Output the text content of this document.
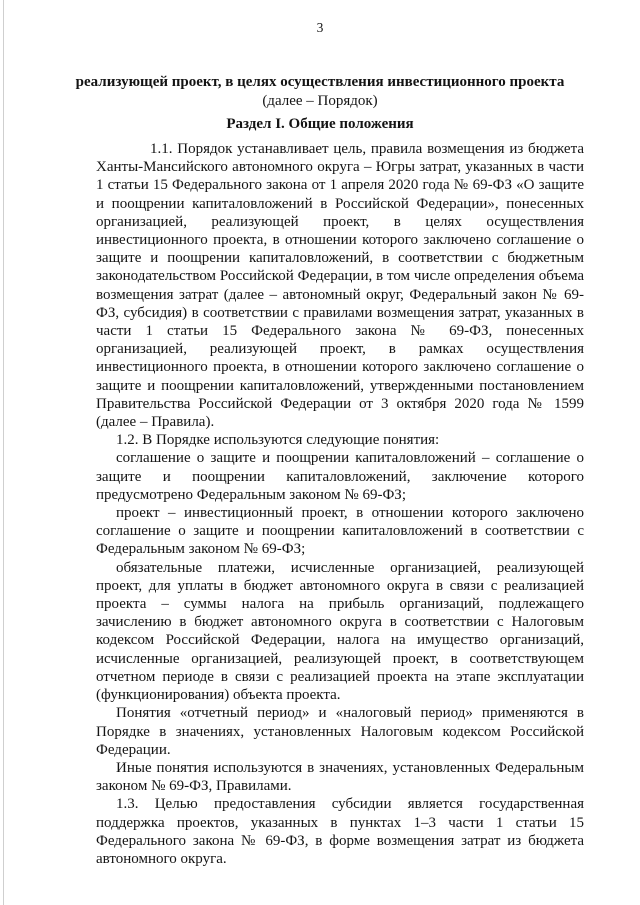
3
реализующей проект, в целях осуществления инвестиционного проекта
(далее – Порядок)
Раздел I. Общие положения

1.1. Порядок устанавливает цель, правила возмещения из бюджета Ханты-Мансийского автономного округа – Югры затрат, указанных в части 1 статьи 15 Федерального закона от 1 апреля 2020 года № 69-ФЗ «О защите и поощрении капиталовложений в Российской Федерации», понесенных организацией, реализующей проект, в целях осуществления инвестиционного проекта, в отношении которого заключено соглашение о защите и поощрении капиталовложений, в соответствии с бюджетным законодательством Российской Федерации, в том числе определения объема возмещения затрат (далее – автономный округ, Федеральный закон № 69-ФЗ, субсидия) в соответствии с правилами возмещения затрат, указанных в части 1 статьи 15 Федерального закона № 69-ФЗ, понесенных организацией, реализующей проект, в рамках осуществления инвестиционного проекта, в отношении которого заключено соглашение о защите и поощрении капиталовложений, утвержденными постановлением Правительства Российской Федерации от 3 октября 2020 года № 1599 (далее – Правила).

1.2. В Порядке используются следующие понятия:

соглашение о защите и поощрении капиталовложений – соглашение о защите и поощрении капиталовложений, заключение которого предусмотрено Федеральным законом № 69-ФЗ;

проект – инвестиционный проект, в отношении которого заключено соглашение о защите и поощрении капиталовложений в соответствии с Федеральным законом № 69-ФЗ;

обязательные платежи, исчисленные организацией, реализующей проект, для уплаты в бюджет автономного округа в связи с реализацией проекта – суммы налога на прибыль организаций, подлежащего зачислению в бюджет автономного округа в соответствии с Налоговым кодексом Российской Федерации, налога на имущество организаций, исчисленные организацией, реализующей проект, в соответствующем отчетном периоде в связи с реализацией проекта на этапе эксплуатации (функционирования) объекта проекта.

Понятия «отчетный период» и «налоговый период» применяются в Порядке в значениях, установленных Налоговым кодексом Российской Федерации.

Иные понятия используются в значениях, установленных Федеральным законом № 69-ФЗ, Правилами.

1.3. Целью предоставления субсидии является государственная поддержка проектов, указанных в пунктах 1–3 части 1 статьи 15 Федерального закона № 69-ФЗ, в форме возмещения затрат из бюджета автономного округа.
